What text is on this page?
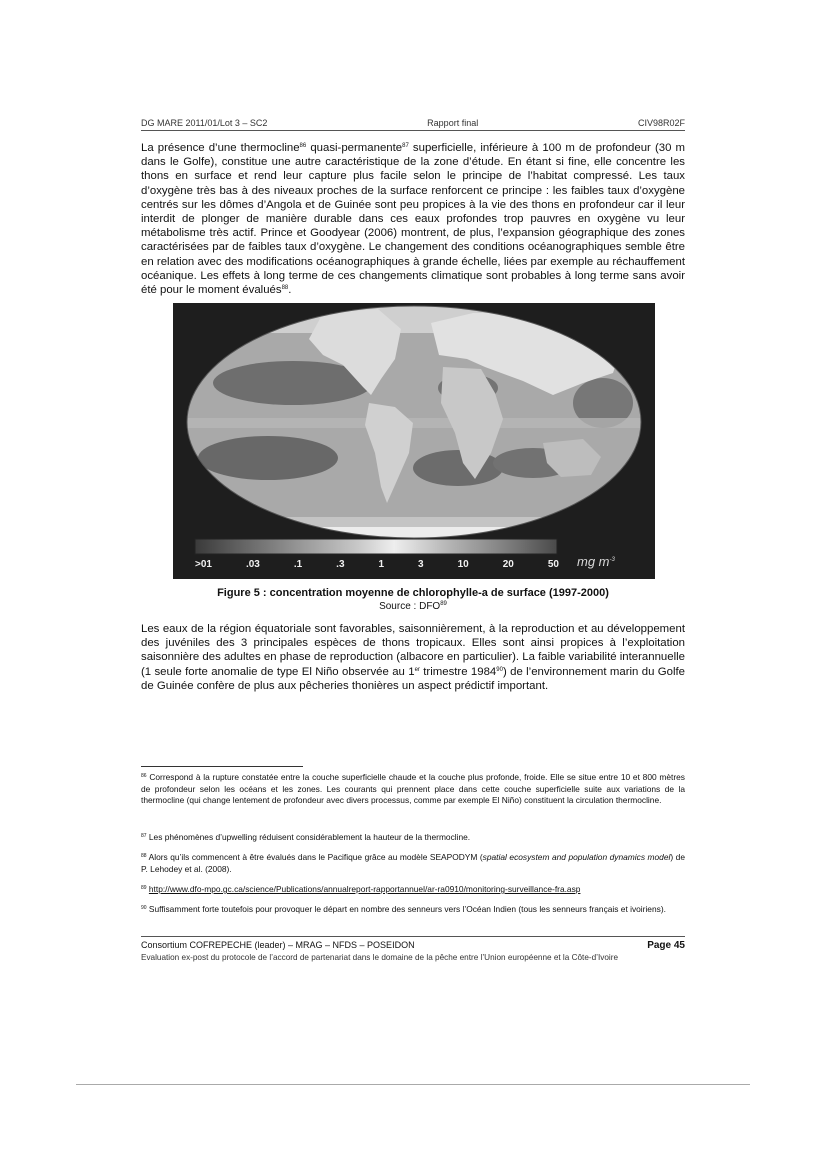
DG MARE 2011/01/Lot 3 – SC2	Rapport final	CIV98R02F

La présence d’une thermocline$^{86}$ quasi-permanente$^{87}$ superficielle, inférieure à 100 m de profondeur (30 m dans le Golfe), constitue une autre caractéristique de la zone d’étude. En étant si fine, elle concentre les thons en surface et rend leur capture plus facile selon le principe de l’habitat compressé. Les taux d’oxygène très bas à des niveaux proches de la surface renforcent ce principe : les faibles taux d’oxygène centrés sur les dômes d’Angola et de Guinée sont peu propices à la vie des thons en profondeur car il leur interdit de plonger de manière durable dans ces eaux profondes trop pauvres en oxygène vu leur métabolisme très actif. Prince et Goodyear (2006) montrent, de plus, l’expansion géographique des zones caractérisées par de faibles taux d’oxygène. Le changement des conditions océanographiques semble être en relation avec des modifications océanographiques à grande échelle, liées par exemple au réchauffement océanique. Les effets à long terme de ces changements climatique sont probables à long terme sans avoir été pour le moment évalués$^{88}$.

>01	.03	.1	.3	1	3	10	20	50 mg $m^{-3}$
Figure 5 : concentration moyenne de chlorophylle-a de surface (1997-2000)
Source : DFO$^{89}$

Les eaux de la région équatoriale sont favorables, saisonnièrement, à la reproduction et au développement des juvéniles des 3 principales espèces de thons tropicaux. Elles sont ainsi propices à l’exploitation saisonnière des adultes en phase de reproduction (albacore en particulier). La faible variabilité interannuelle (1 seule forte anomalie de type El Niño observée au 1er trimestre 1984$^{90}$) de l’environnement marin du Golfe de Guinée confère de plus aux pêcheries thonières un aspect prédictif important.

$^{86}$ Correspond à la rupture constatée entre la couche superficielle chaude et la couche plus profonde, froide. Elle se situe entre 10 et 800 mètres de profondeur selon les océans et les zones. Les courants qui prennent place dans cette couche superficielle suite aux variations de la thermocline (qui change lentement de profondeur avec divers processus, comme par exemple El Niño) constituent la circulation thermocline.

$^{87}$ Les phénomènes d’upwelling réduisent considérablement la hauteur de la thermocline.

$^{88}$ Alors qu’ils commencent à être évalués dans le Pacifique grâce au modèle SEAPODYM (spatial ecosystem and population dynamics model) de P. Lehodey et al. (2008).

$^{89}$ http://www.dfo-mpo.gc.ca/science/Publications/annualreport-rapportannuel/ar-ra0910/monitoring-surveillance-fra.asp

$^{90}$ Suffisamment forte toutefois pour provoquer le départ en nombre des senneurs vers l’Océan Indien (tous les senneurs français et ivoiriens).

Consortium COFREPECHE (leader) – MRAG – NFDS – POSEIDON	Page 45
Evaluation ex-post du protocole de l’accord de partenariat dans le domaine de la pêche entre l’Union européenne et la Côte-d’Ivoire
